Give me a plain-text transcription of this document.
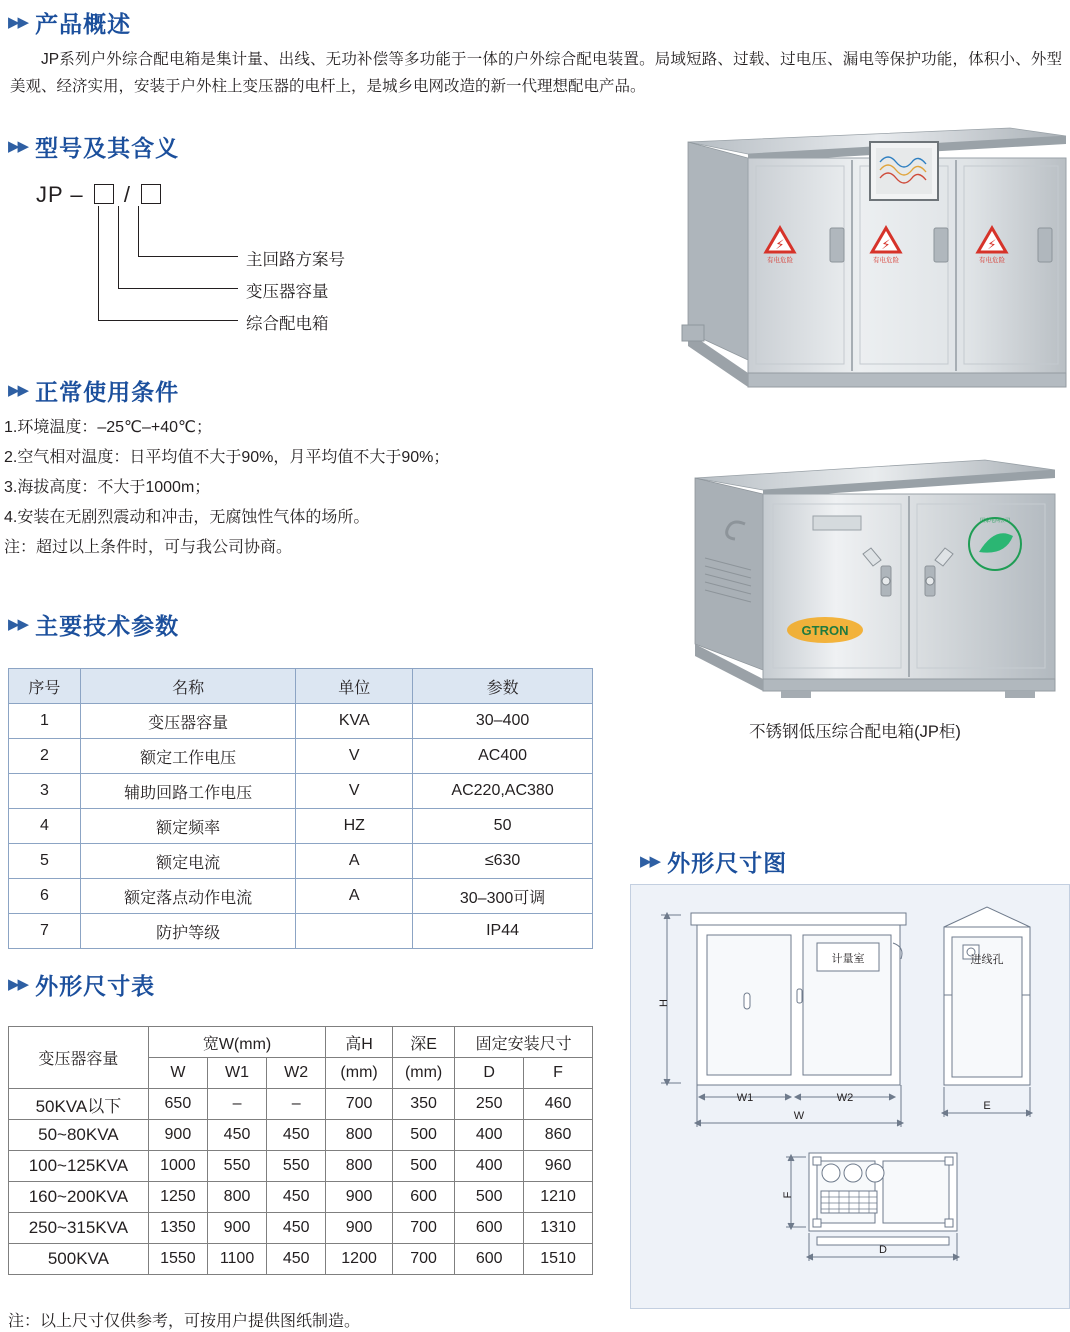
▶▶ 产品概述
JP系列户外综合配电箱是集计量、出线、无功补偿等多功能于一体的户外综合配电装置。局域短路、过载、过电压、漏电等保护功能，体积小、外型美观、经济实用，安装于户外柱上变压器的电杆上，是城乡电网改造的新一代理想配电产品。
▶▶ 型号及其含义
JP – /
主回路方案号
变压器容量
综合配电箱
▶▶ 正常使用条件

1.环境温度：–25℃–+40℃；

2.空气相对温度：日平均值不大于90%，月平均值不大于90%；

3.海拔高度：不大于1000m；

4.安装在无剧烈震动和冲击，无腐蚀性气体的场所。

注：超过以上条件时，可与我公司协商。

▶▶ 主要技术参数
序号	名称	单位	参数
1	变压器容量	KVA	30–400
2	额定工作电压	V	AC400
3	辅助回路工作电压	V	AC220,AC380
4	额定频率	HZ	50
5	额定电流	A	≤630
6	额定落点动作电流	A	30–300可调
7	防护等级		IP44
▶▶ 外形尺寸表
变压器容量	宽W(mm)			高H	深E	固定安装尺寸	
	W	W1	W2	(mm)	(mm)	D	F
50KVA以下	650	–	–	700	350	250	460
50~80KVA	900	450	450	800	500	400	860
100~125KVA	1000	550	550	800	500	400	960
160~200KVA	1250	800	450	900	600	500	1210
250~315KVA	1350	900	450	900	700	600	1310
500KVA	1550	1100	450	1200	700	600	1510
注：以上尺寸仅供参考，可按用户提供图纸制造。
⚡
有电危险
⚡
有电危险
⚡
有电危险
国家电网公司
GTRON
不锈钢低压综合配电箱(JP柜)
▶▶ 外形尺寸图
计量室	进线孔
H
W1	W2
W
E
F
D
